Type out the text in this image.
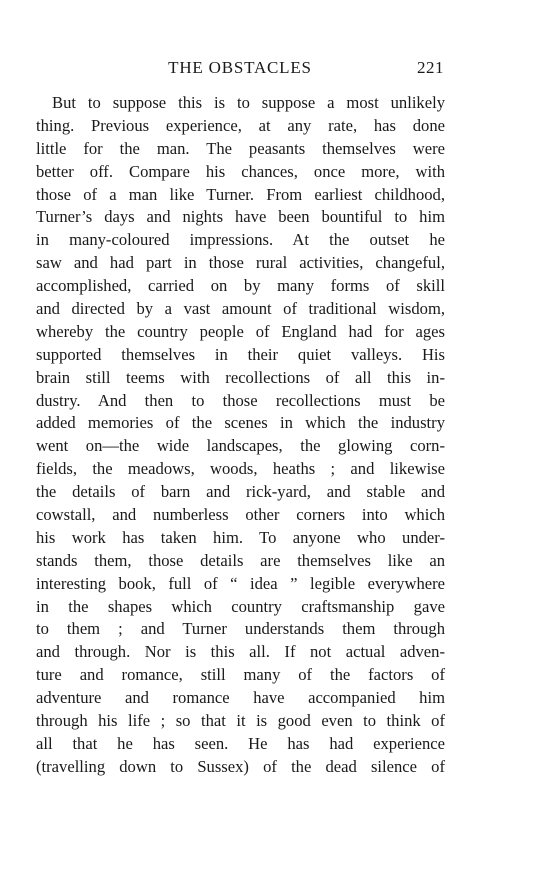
THE OBSTACLES	221
But to suppose this is to suppose a most unlikely
thing. Previous experience, at any rate, has done
little for the man. The peasants themselves were
better off. Compare his chances, once more, with
those of a man like Turner. From earliest childhood,
Turner’s days and nights have been bountiful to him
in many-coloured impressions. At the outset he
saw and had part in those rural activities, changeful,
accomplished, carried on by many forms of skill
and directed by a vast amount of traditional wisdom,
whereby the country people of England had for ages
supported themselves in their quiet valleys. His
brain still teems with recollections of all this in-
dustry. And then to those recollections must be
added memories of the scenes in which the industry
went on—the wide landscapes, the glowing corn-
fields, the meadows, woods, heaths ; and likewise
the details of barn and rick-yard, and stable and
cowstall, and numberless other corners into which
his work has taken him. To anyone who under-
stands them, those details are themselves like an
interesting book, full of “ idea ” legible everywhere
in the shapes which country craftsmanship gave
to them ; and Turner understands them through
and through. Nor is this all. If not actual adven-
ture and romance, still many of the factors of
adventure and romance have accompanied him
through his life ; so that it is good even to think of
all that he has seen. He has had experience
(travelling down to Sussex) of the dead silence of
